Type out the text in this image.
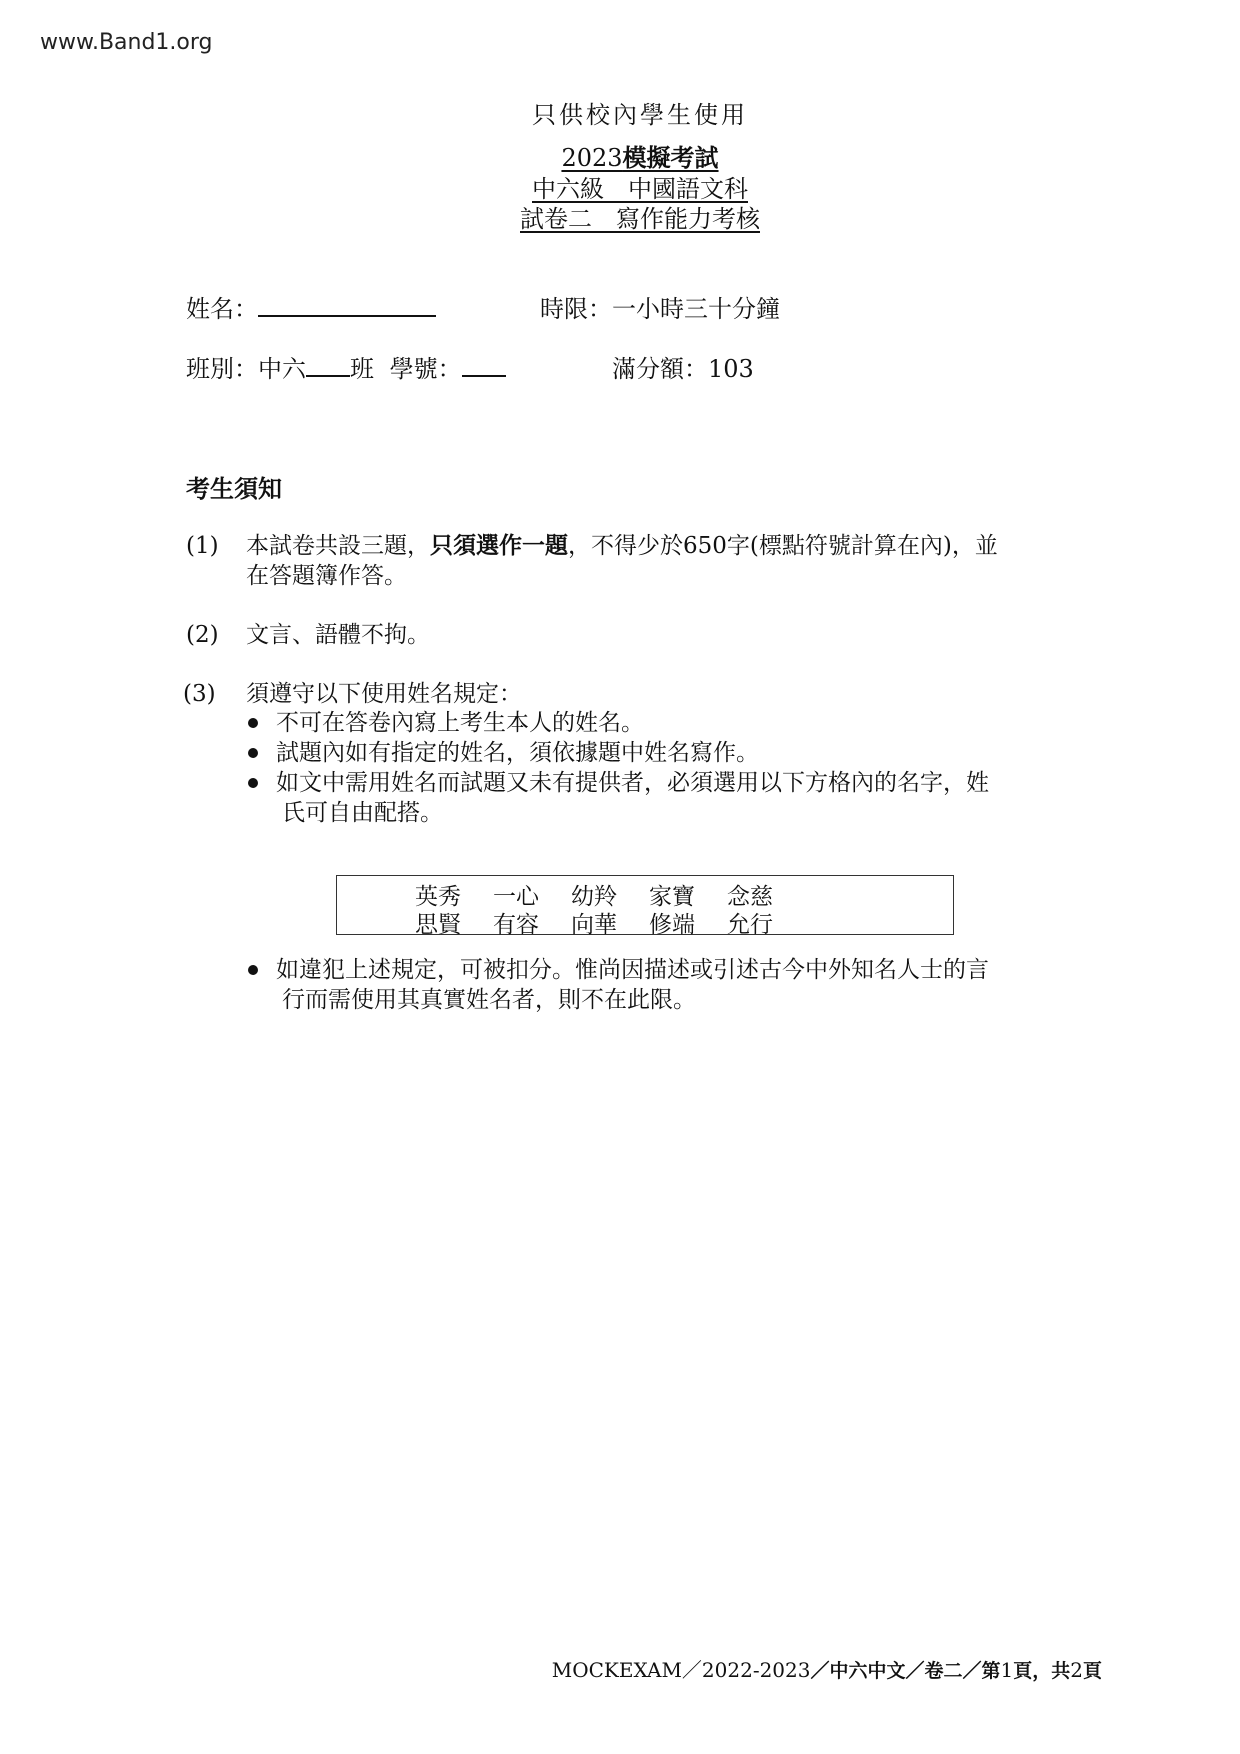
www.Band1.org
只供校內學生使用
2023模擬考試
中六級　中國語文科
試卷二　寫作能力考核
姓名：	時限：一小時三十分鐘
班別：中六 班 學號：	滿分額：103
考生須知
(1) 本試卷共設三題，只須選作一題，不得少於650字(標點符號計算在內)，並
在答題簿作答。
(2) 文言、語體不拘。
(3) 須遵守以下使用姓名規定：
不可在答卷內寫上考生本人的姓名。
試題內如有指定的姓名，須依據題中姓名寫作。
如文中需用姓名而試題又未有提供者，必須選用以下方格內的名字，姓
氏可自由配搭。
英秀 一心 幼羚 家寶 念慈
思賢 有容 向華 修端 允行
如違犯上述規定，可被扣分。惟尚因描述或引述古今中外知名人士的言
行而需使用其真實姓名者，則不在此限。
MOCKEXAM／2022-2023／中六中文／卷二／第1頁，共2頁
